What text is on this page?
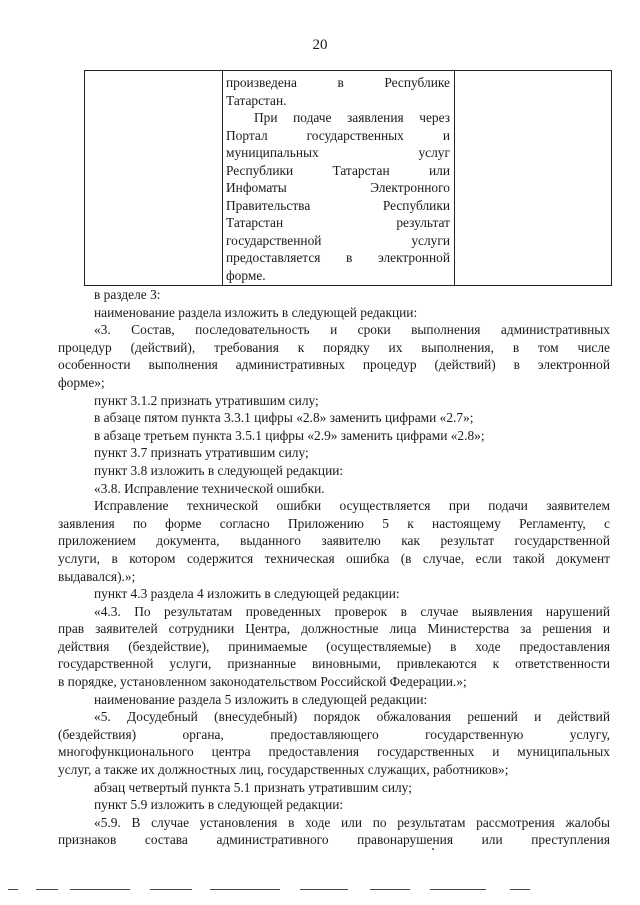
20
произведена в Республике
Татарстан.
При подаче заявления через
Портал государственных и
муниципальных услуг
Республики Татарстан или
Инфоматы Электронного
Правительства Республики
Татарстан результат
государственной услуги
предоставляется в электронной
форме.
в разделе 3:
наименование раздела изложить в следующей редакции:
«3. Состав, последовательность и сроки выполнения административных
процедур (действий), требования к порядку их выполнения, в том числе
особенности выполнения административных процедур (действий) в электронной
форме»;
пункт 3.1.2 признать утратившим силу;
в абзаце пятом пункта 3.3.1 цифры «2.8» заменить цифрами «2.7»;
в абзаце третьем пункта 3.5.1 цифры «2.9» заменить цифрами «2.8»;
пункт 3.7 признать утратившим силу;
пункт 3.8 изложить в следующей редакции:
«3.8. Исправление технической ошибки.
Исправление технической ошибки осуществляется при подачи заявителем
заявления по форме согласно Приложению 5 к настоящему Регламенту, с
приложением документа, выданного заявителю как результат государственной
услуги, в котором содержится техническая ошибка (в случае, если такой документ
выдавался).»;
пункт 4.3 раздела 4 изложить в следующей редакции:
«4.3. По результатам проведенных проверок в случае выявления нарушений
прав заявителей сотрудники Центра, должностные лица Министерства за решения и
действия (бездействие), принимаемые (осуществляемые) в ходе предоставления
государственной услуги, признанные виновными, привлекаются к ответственности
в порядке, установленном законодательством Российской Федерации.»;
наименование раздела 5 изложить в следующей редакции:
«5. Досудебный (внесудебный) порядок обжалования решений и действий
(бездействия) органа, предоставляющего государственную услугу,
многофункционального центра предоставления государственных и муниципальных
услуг, а также их должностных лиц, государственных служащих, работников»;
абзац четвертый пункта 5.1 признать утратившим силу;
пункт 5.9 изложить в следующей редакции:
«5.9. В случае установления в ходе или по результатам рассмотрения жалобы
признаков состава административного правонарушения или преступления
